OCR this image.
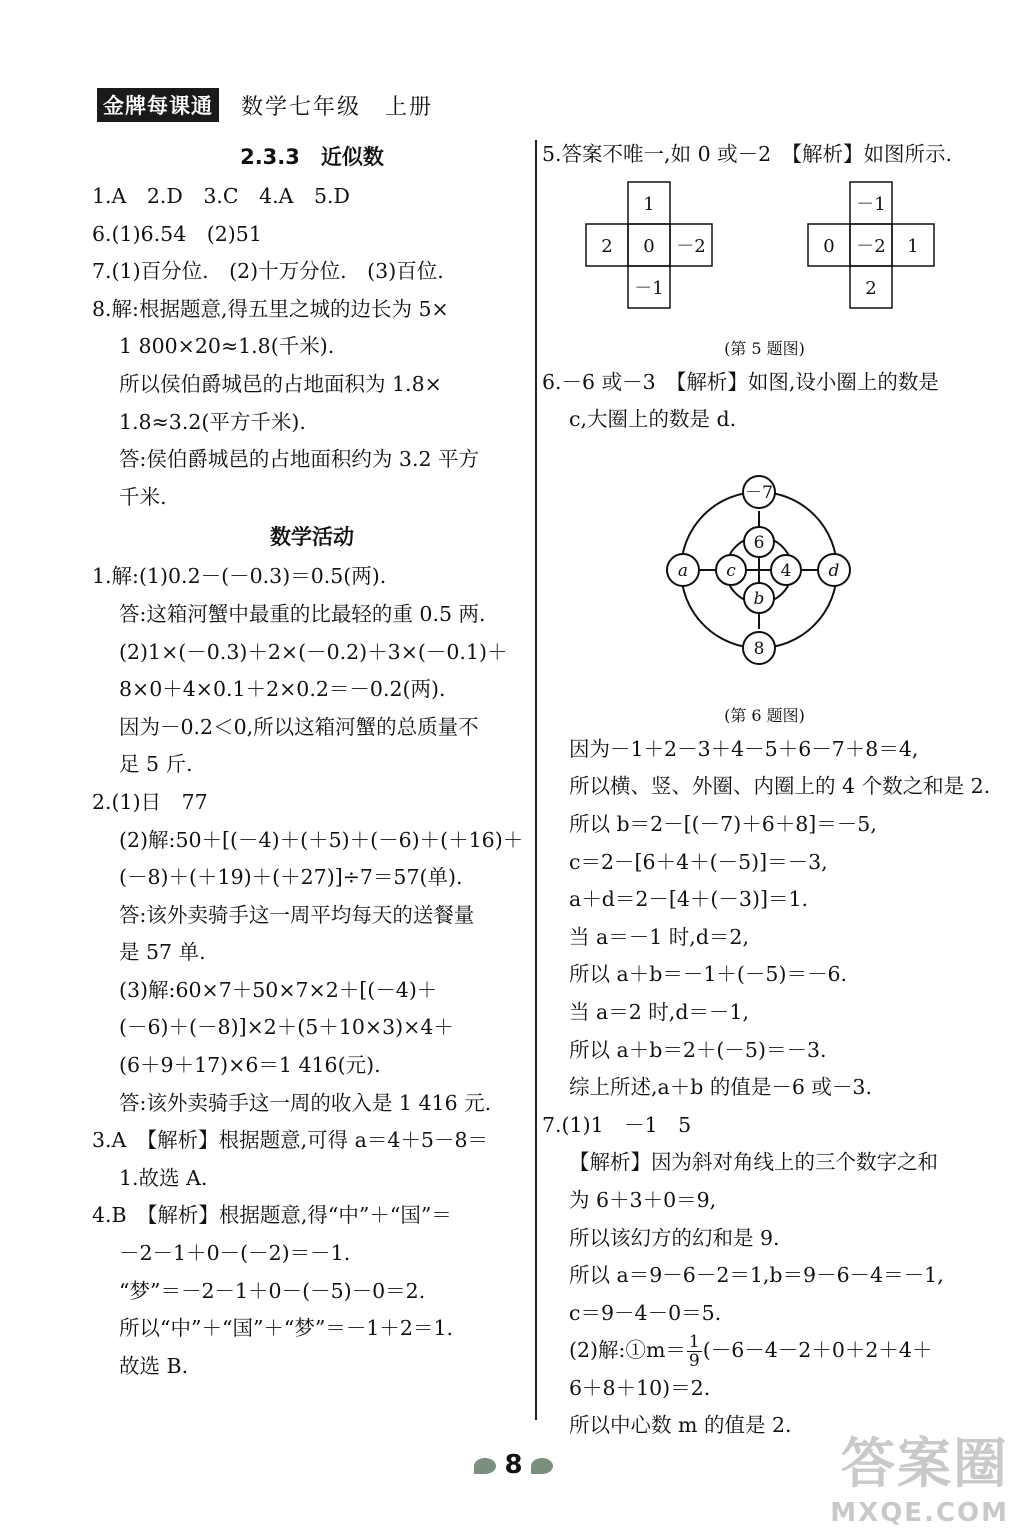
金牌每课通 数学七年级　上册
2.3.3　近似数
1.A　2.D　3.C　4.A　5.D
6.(1)6.54　(2)51
7.(1)百分位.　(2)十万分位.　(3)百位.
8.解:根据题意,得五里之城的边长为 5×
1 800×20≈1.8(千米).
所以侯伯爵城邑的占地面积为 1.8×
1.8≈3.2(平方千米).
答:侯伯爵城邑的占地面积约为 3.2 平方
千米.
数学活动
1.解:(1)0.2－(－0.3)＝0.5(两).
答:这箱河蟹中最重的比最轻的重 0.5 两.
(2)1×(－0.3)＋2×(－0.2)＋3×(－0.1)＋
8×0＋4×0.1＋2×0.2＝－0.2(两).
因为－0.2＜0,所以这箱河蟹的总质量不
足 5 斤.
2.(1)日　77
(2)解:50＋[(－4)＋(＋5)＋(－6)＋(＋16)＋
(－8)＋(＋19)＋(＋27)]÷7＝57(单).
答:该外卖骑手这一周平均每天的送餐量
是 57 单.
(3)解:60×7＋50×7×2＋[(－4)＋
(－6)＋(－8)]×2＋(5＋10×3)×4＋
(6＋9＋17)×6＝1 416(元).
答:该外卖骑手这一周的收入是 1 416 元.
3.A　【解析】根据题意,可得 a＝4＋5－8＝
1.故选 A.
4.B　【解析】根据题意,得“中”＋“国”＝
－2－1＋0－(－2)＝－1.
“梦”＝－2－1＋0－(－5)－0＝2.
所以“中”＋“国”＋“梦”＝－1＋2＝1.
故选 B.
5.答案不唯一,如 0 或－2　【解析】如图所示.
1
2 0 －2
－1
－1
0 －2 1
2
(第 5 题图)
6.－6 或－3　【解析】如图,设小圈上的数是
c,大圈上的数是 d.
－7
6
a c	4 d
b
8
(第 6 题图)
因为－1＋2－3＋4－5＋6－7＋8＝4,
所以横、竖、外圈、内圈上的 4 个数之和是 2.
所以 b＝2－[(－7)＋6＋8]＝－5,
c＝2－[6＋4＋(－5)]＝－3,
a＋d＝2－[4＋(－3)]＝1.
当 a＝－1 时,d＝2,
所以 a＋b＝－1＋(－5)＝－6.
当 a＝2 时,d＝－1,
所以 a＋b＝2＋(－5)＝－3.
综上所述,a＋b 的值是－6 或－3.
7.(1)1　－1　5
【解析】因为斜对角线上的三个数字之和
为 6＋3＋0＝9,
所以该幻方的幻和是 9.
所以 a＝9－6－2＝1,b＝9－6－4＝－1,
c＝9－4－0＝5.
(2)解:①m＝ $\frac{1}{9} (-6-4-2+0+2+4+$
6＋8＋10)＝2.
所以中心数 m 的值是 2.
8	答案圈
MXQE.COM
